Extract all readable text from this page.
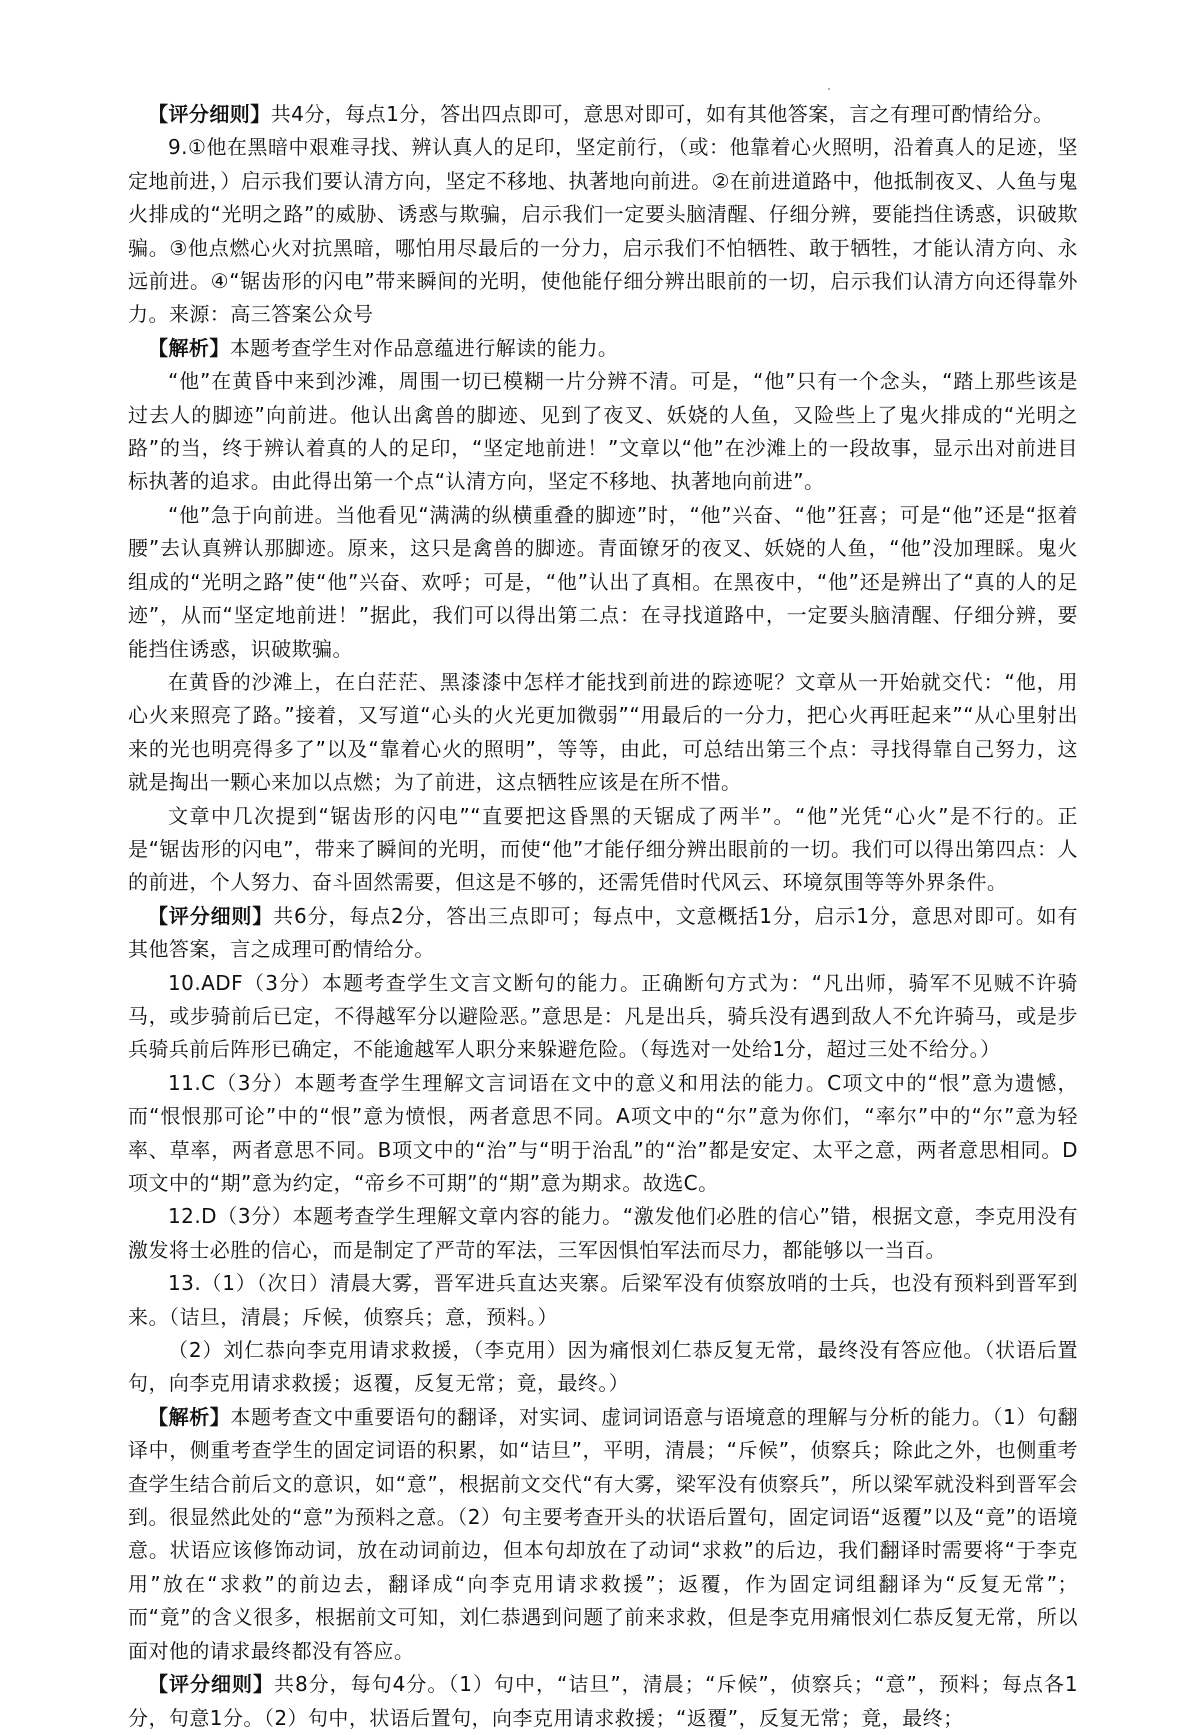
【评分细则】共4分，每点1分，答出四点即可，意思对即可，如有其他答案，言之有理可酌情给分。

9.①他在黑暗中艰难寻找、辨认真人的足印，坚定前行，（或：他靠着心火照明，沿着真人的足迹，坚定地前进，）启示我们要认清方向，坚定不移地、执著地向前进。②在前进道路中，他抵制夜叉、人鱼与鬼火排成的“光明之路”的威胁、诱惑与欺骗，启示我们一定要头脑清醒、仔细分辨，要能挡住诱惑，识破欺骗。③他点燃心火对抗黑暗，哪怕用尽最后的一分力，启示我们不怕牺牲、敢于牺牲，才能认清方向、永远前进。④“锯齿形的闪电”带来瞬间的光明，使他能仔细分辨出眼前的一切，启示我们认清方向还得靠外力。来源：高三答案公众号

【解析】本题考查学生对作品意蕴进行解读的能力。

“他”在黄昏中来到沙滩，周围一切已模糊一片分辨不清。可是，“他”只有一个念头，“踏上那些该是过去人的脚迹”向前进。他认出禽兽的脚迹、见到了夜叉、妖娆的人鱼，又险些上了鬼火排成的“光明之路”的当，终于辨认着真的人的足印，“坚定地前进！”文章以“他”在沙滩上的一段故事，显示出对前进目标执著的追求。由此得出第一个点“认清方向，坚定不移地、执著地向前进”。

“他”急于向前进。当他看见“满满的纵横重叠的脚迹”时，“他”兴奋、“他”狂喜；可是“他”还是“抠着腰”去认真辨认那脚迹。原来，这只是禽兽的脚迹。青面镣牙的夜叉、妖娆的人鱼，“他”没加理睬。鬼火组成的“光明之路”使“他”兴奋、欢呼；可是，“他”认出了真相。在黑夜中，“他”还是辨出了“真的人的足迹”，从而“坚定地前进！”据此，我们可以得出第二点：在寻找道路中，一定要头脑清醒、仔细分辨，要能挡住诱惑，识破欺骗。

在黄昏的沙滩上，在白茫茫、黑漆漆中怎样才能找到前进的踪迹呢？文章从一开始就交代：“他，用心火来照亮了路。”接着，又写道“心头的火光更加微弱”“用最后的一分力，把心火再旺起来”“从心里射出来的光也明亮得多了”以及“靠着心火的照明”，等等，由此，可总结出第三个点：寻找得靠自己努力，这就是掏出一颗心来加以点燃；为了前进，这点牺牲应该是在所不惜。

文章中几次提到“锯齿形的闪电”“直要把这昏黑的天锯成了两半”。“他”光凭“心火”是不行的。正是“锯齿形的闪电”，带来了瞬间的光明，而使“他”才能仔细分辨出眼前的一切。我们可以得出第四点：人的前进，个人努力、奋斗固然需要，但这是不够的，还需凭借时代风云、环境氛围等等外界条件。

【评分细则】共6分，每点2分，答出三点即可；每点中，文意概括1分，启示1分，意思对即可。如有其他答案，言之成理可酌情给分。

10.ADF（3分）本题考查学生文言文断句的能力。正确断句方式为：“凡出师，骑军不见贼不许骑马，或步骑前后已定，不得越军分以避险恶。”意思是：凡是出兵，骑兵没有遇到敌人不允许骑马，或是步兵骑兵前后阵形已确定，不能逾越军人职分来躲避危险。（每选对一处给1分，超过三处不给分。）

11.C（3分）本题考查学生理解文言词语在文中的意义和用法的能力。C项文中的“恨”意为遗憾，而“恨恨那可论”中的“恨”意为愤恨，两者意思不同。A项文中的“尔”意为你们，“率尔”中的“尔”意为轻率、草率，两者意思不同。B项文中的“治”与“明于治乱”的“治”都是安定、太平之意，两者意思相同。D项文中的“期”意为约定，“帝乡不可期”的“期”意为期求。故选C。

12.D（3分）本题考查学生理解文章内容的能力。“激发他们必胜的信心”错，根据文意，李克用没有激发将士必胜的信心，而是制定了严苛的军法，三军因惧怕军法而尽力，都能够以一当百。

13.（1）（次日）清晨大雾，晋军进兵直达夹寨。后梁军没有侦察放哨的士兵，也没有预料到晋军到来。（诘旦，清晨；斥候，侦察兵；意，预料。）

（2）刘仁恭向李克用请求救援，（李克用）因为痛恨刘仁恭反复无常，最终没有答应他。（状语后置句，向李克用请求救援；返覆，反复无常；竟，最终。）

【解析】本题考查文中重要语句的翻译，对实词、虚词词语意与语境意的理解与分析的能力。（1）句翻译中，侧重考查学生的固定词语的积累，如“诘旦”，平明，清晨；“斥候”，侦察兵；除此之外，也侧重考查学生结合前后文的意识，如“意”，根据前文交代“有大雾，梁军没有侦察兵”，所以梁军就没料到晋军会到。很显然此处的“意”为预料之意。（2）句主要考查开头的状语后置句，固定词语“返覆”以及“竟”的语境意。状语应该修饰动词，放在动词前边，但本句却放在了动词“求救”的后边，我们翻译时需要将“于李克用”放在“求救”的前边去，翻译成“向李克用请求救援”；返覆，作为固定词组翻译为“反复无常”；而“竟”的含义很多，根据前文可知，刘仁恭遇到问题了前来求救，但是李克用痛恨刘仁恭反复无常，所以面对他的请求最终都没有答应。

【评分细则】共8分，每句4分。（1）句中，“诘旦”，清晨；“斥候”，侦察兵；“意”，预料；每点各1分，句意1分。（2）句中，状语后置句，向李克用请求救援；“返覆”，反复无常；竟，最终；
